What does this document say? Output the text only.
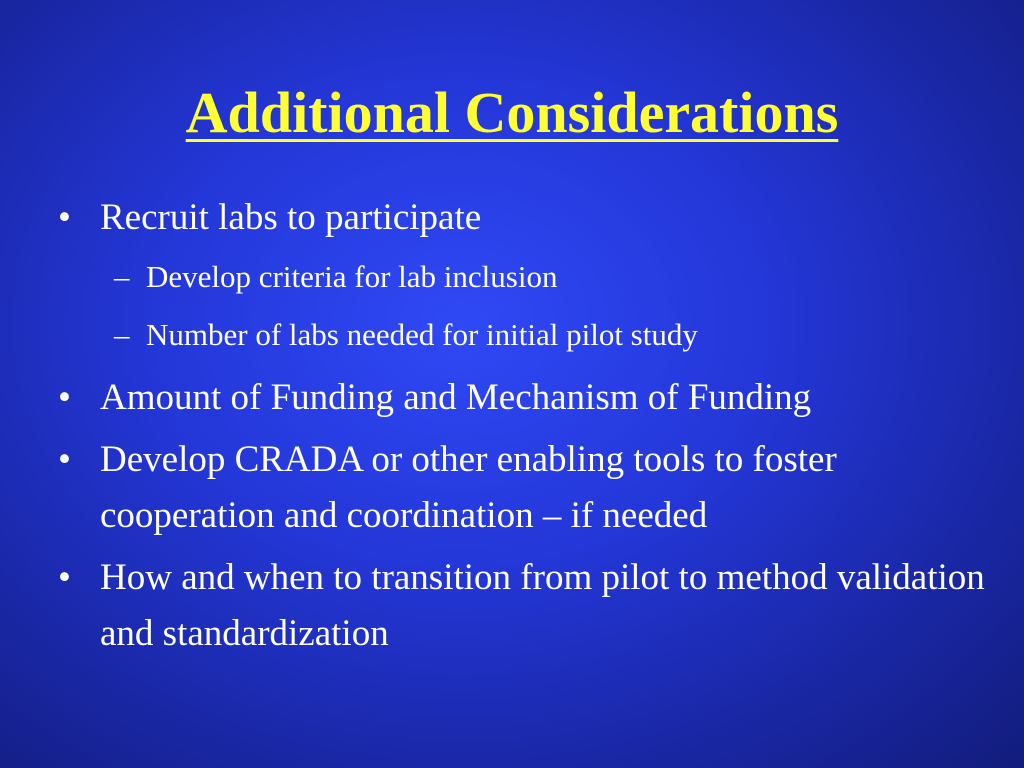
Additional Considerations
• Recruit labs to participate
– Develop criteria for lab inclusion
– Number of labs needed for initial pilot study
• Amount of Funding and Mechanism of Funding
• Develop CRADA or other enabling tools to foster cooperation and coordination – if needed
• How and when to transition from pilot to method validation and standardization
